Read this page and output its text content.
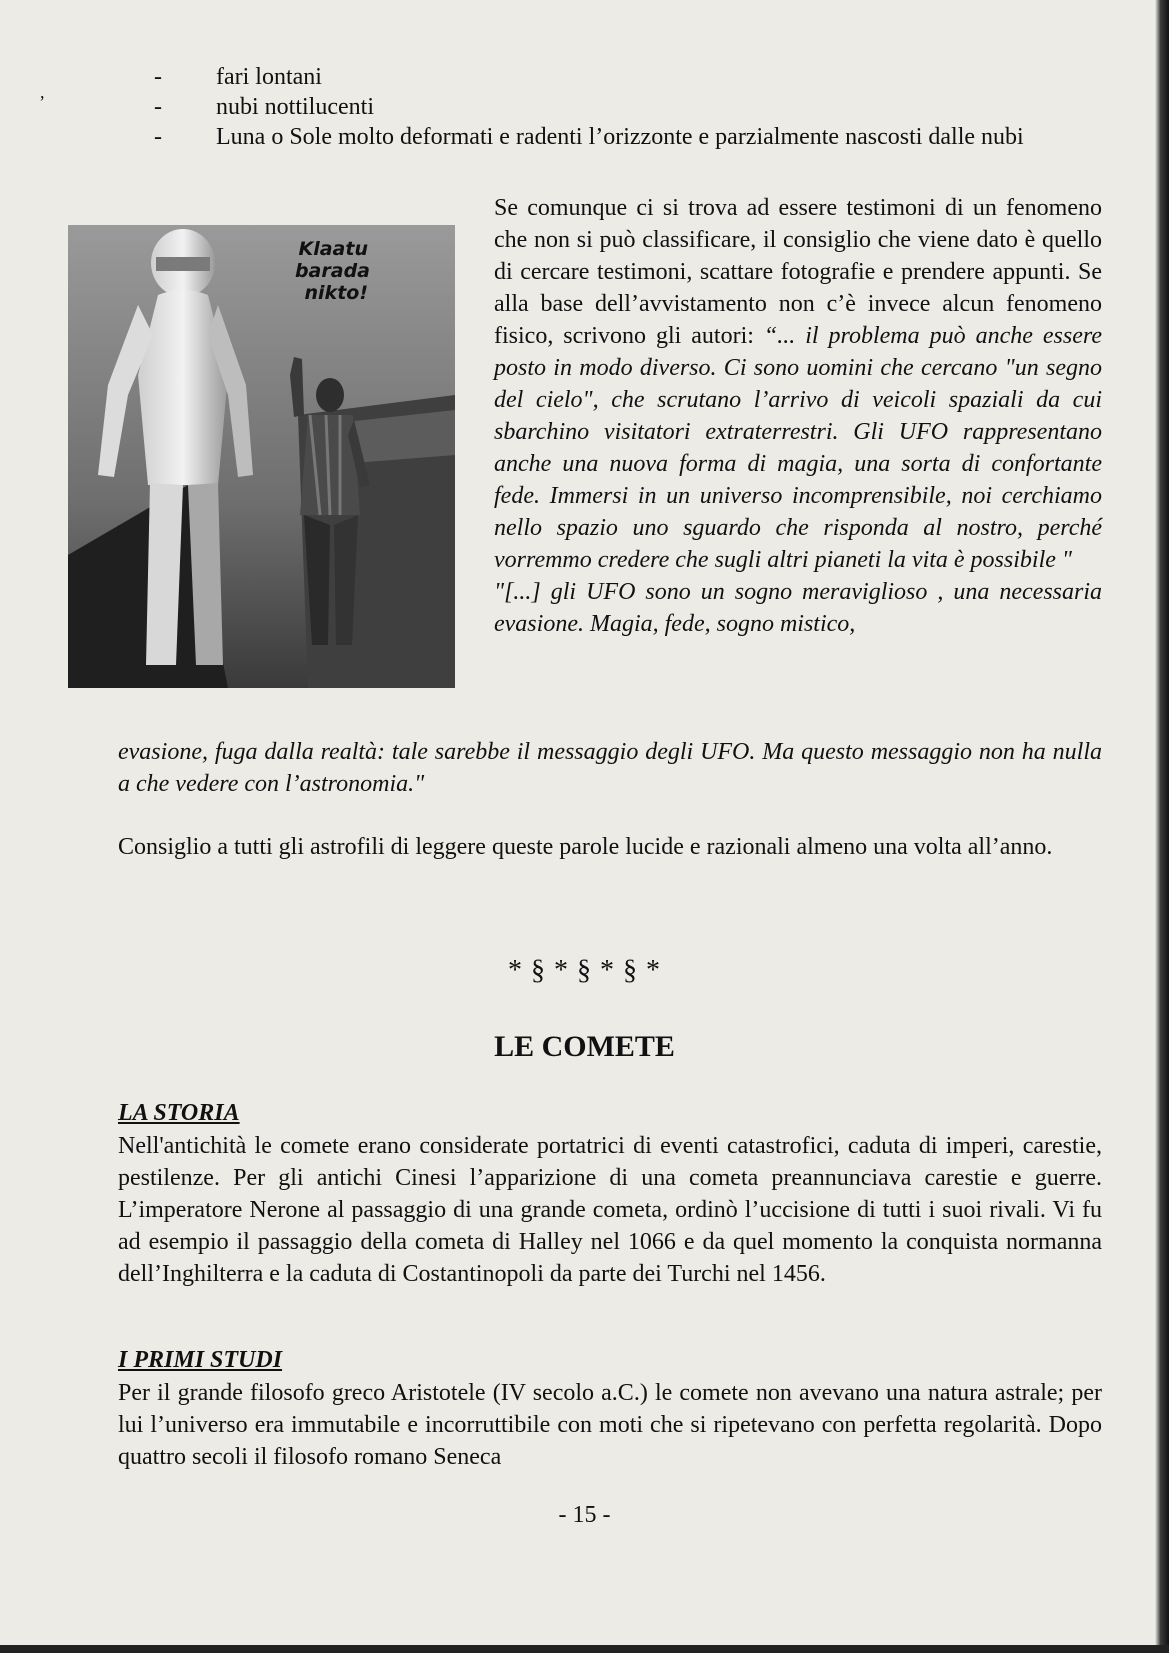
,
- fari lontani
- nubi nottilucenti
- Luna o Sole molto deformati e radenti l’orizzonte e parzialmente nascosti dalle nubi
Klaatu
barada
nikto!
Se comunque ci si trova ad essere testimoni di un fenomeno che non si può classificare, il consiglio che viene dato è quello di cercare testimoni, scattare fotografie e prendere appunti. Se alla base dell’avvistamento non c’è invece alcun fenomeno fisico, scrivono gli autori: “... il problema può anche essere posto in modo diverso. Ci sono uomini che cercano "un segno del cielo", che scrutano l’arrivo di veicoli spaziali da cui sbarchino visitatori extraterrestri. Gli UFO rappresentano anche una nuova forma di magia, una sorta di confortante fede. Immersi in un universo incomprensibile, noi cerchiamo nello spazio uno sguardo che risponda al nostro, perché vorremmo credere che sugli altri pianeti la vita è possibile "
"[...] gli UFO sono un sogno meraviglioso , una necessaria evasione. Magia, fede, sogno mistico,

evasione, fuga dalla realtà: tale sarebbe il messaggio degli UFO. Ma questo messaggio non ha nulla a che vedere con l’astronomia."

Consiglio a tutti gli astrofili di leggere queste parole lucide e razionali almeno una volta all’anno.

* § * § * § *
LE COMETE
LA STORIA

Nell'antichità le comete erano considerate portatrici di eventi catastrofici, caduta di imperi, carestie, pestilenze. Per gli antichi Cinesi l’apparizione di una cometa preannunciava carestie e guerre. L’imperatore Nerone al passaggio di una grande cometa, ordinò l’uccisione di tutti i suoi rivali. Vi fu ad esempio il passaggio della cometa di Halley nel 1066 e da quel momento la conquista normanna dell’Inghilterra e la caduta di Costantinopoli da parte dei Turchi nel 1456.

I PRIMI STUDI

Per il grande filosofo greco Aristotele (IV secolo a.C.) le comete non avevano una natura astrale; per lui l’universo era immutabile e incorruttibile con moti che si ripetevano con perfetta regolarità. Dopo quattro secoli il filosofo romano Seneca

- 15 -
